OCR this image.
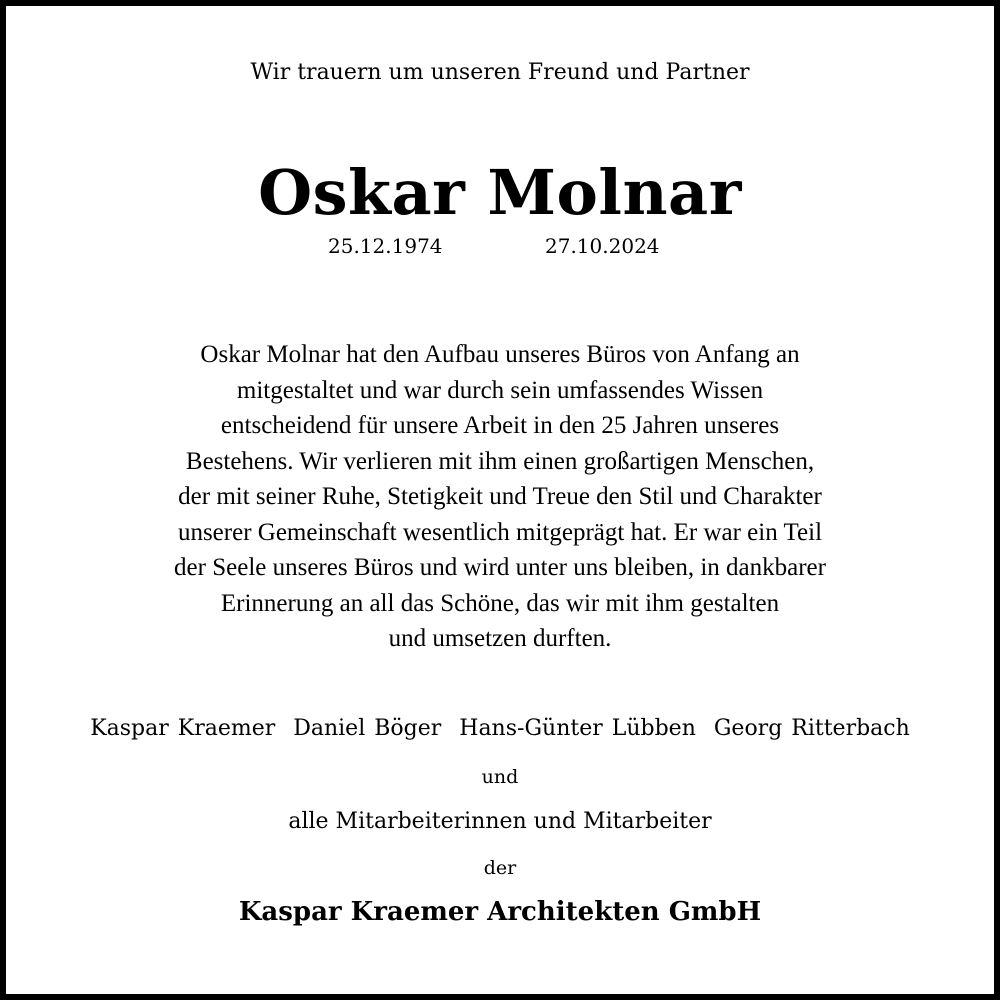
Wir trauern um unseren Freund und Partner
Oskar Molnar
25.12.1974	27.10.2024
Oskar Molnar hat den Aufbau unseres Büros von Anfang an
mitgestaltet und war durch sein umfassendes Wissen
entscheidend für unsere Arbeit in den 25 Jahren unseres
Bestehens. Wir verlieren mit ihm einen großartigen Menschen,
der mit seiner Ruhe, Stetigkeit und Treue den Stil und Charakter
unserer Gemeinschaft wesentlich mitgeprägt hat. Er war ein Teil
der Seele unseres Büros und wird unter uns bleiben, in dankbarer
Erinnerung an all das Schöne, das wir mit ihm gestalten
und umsetzen durften.
Kaspar Kraemer  Daniel Böger  Hans-Günter Lübben  Georg Ritterbach
und
alle Mitarbeiterinnen und Mitarbeiter
der
Kaspar Kraemer Architekten GmbH
